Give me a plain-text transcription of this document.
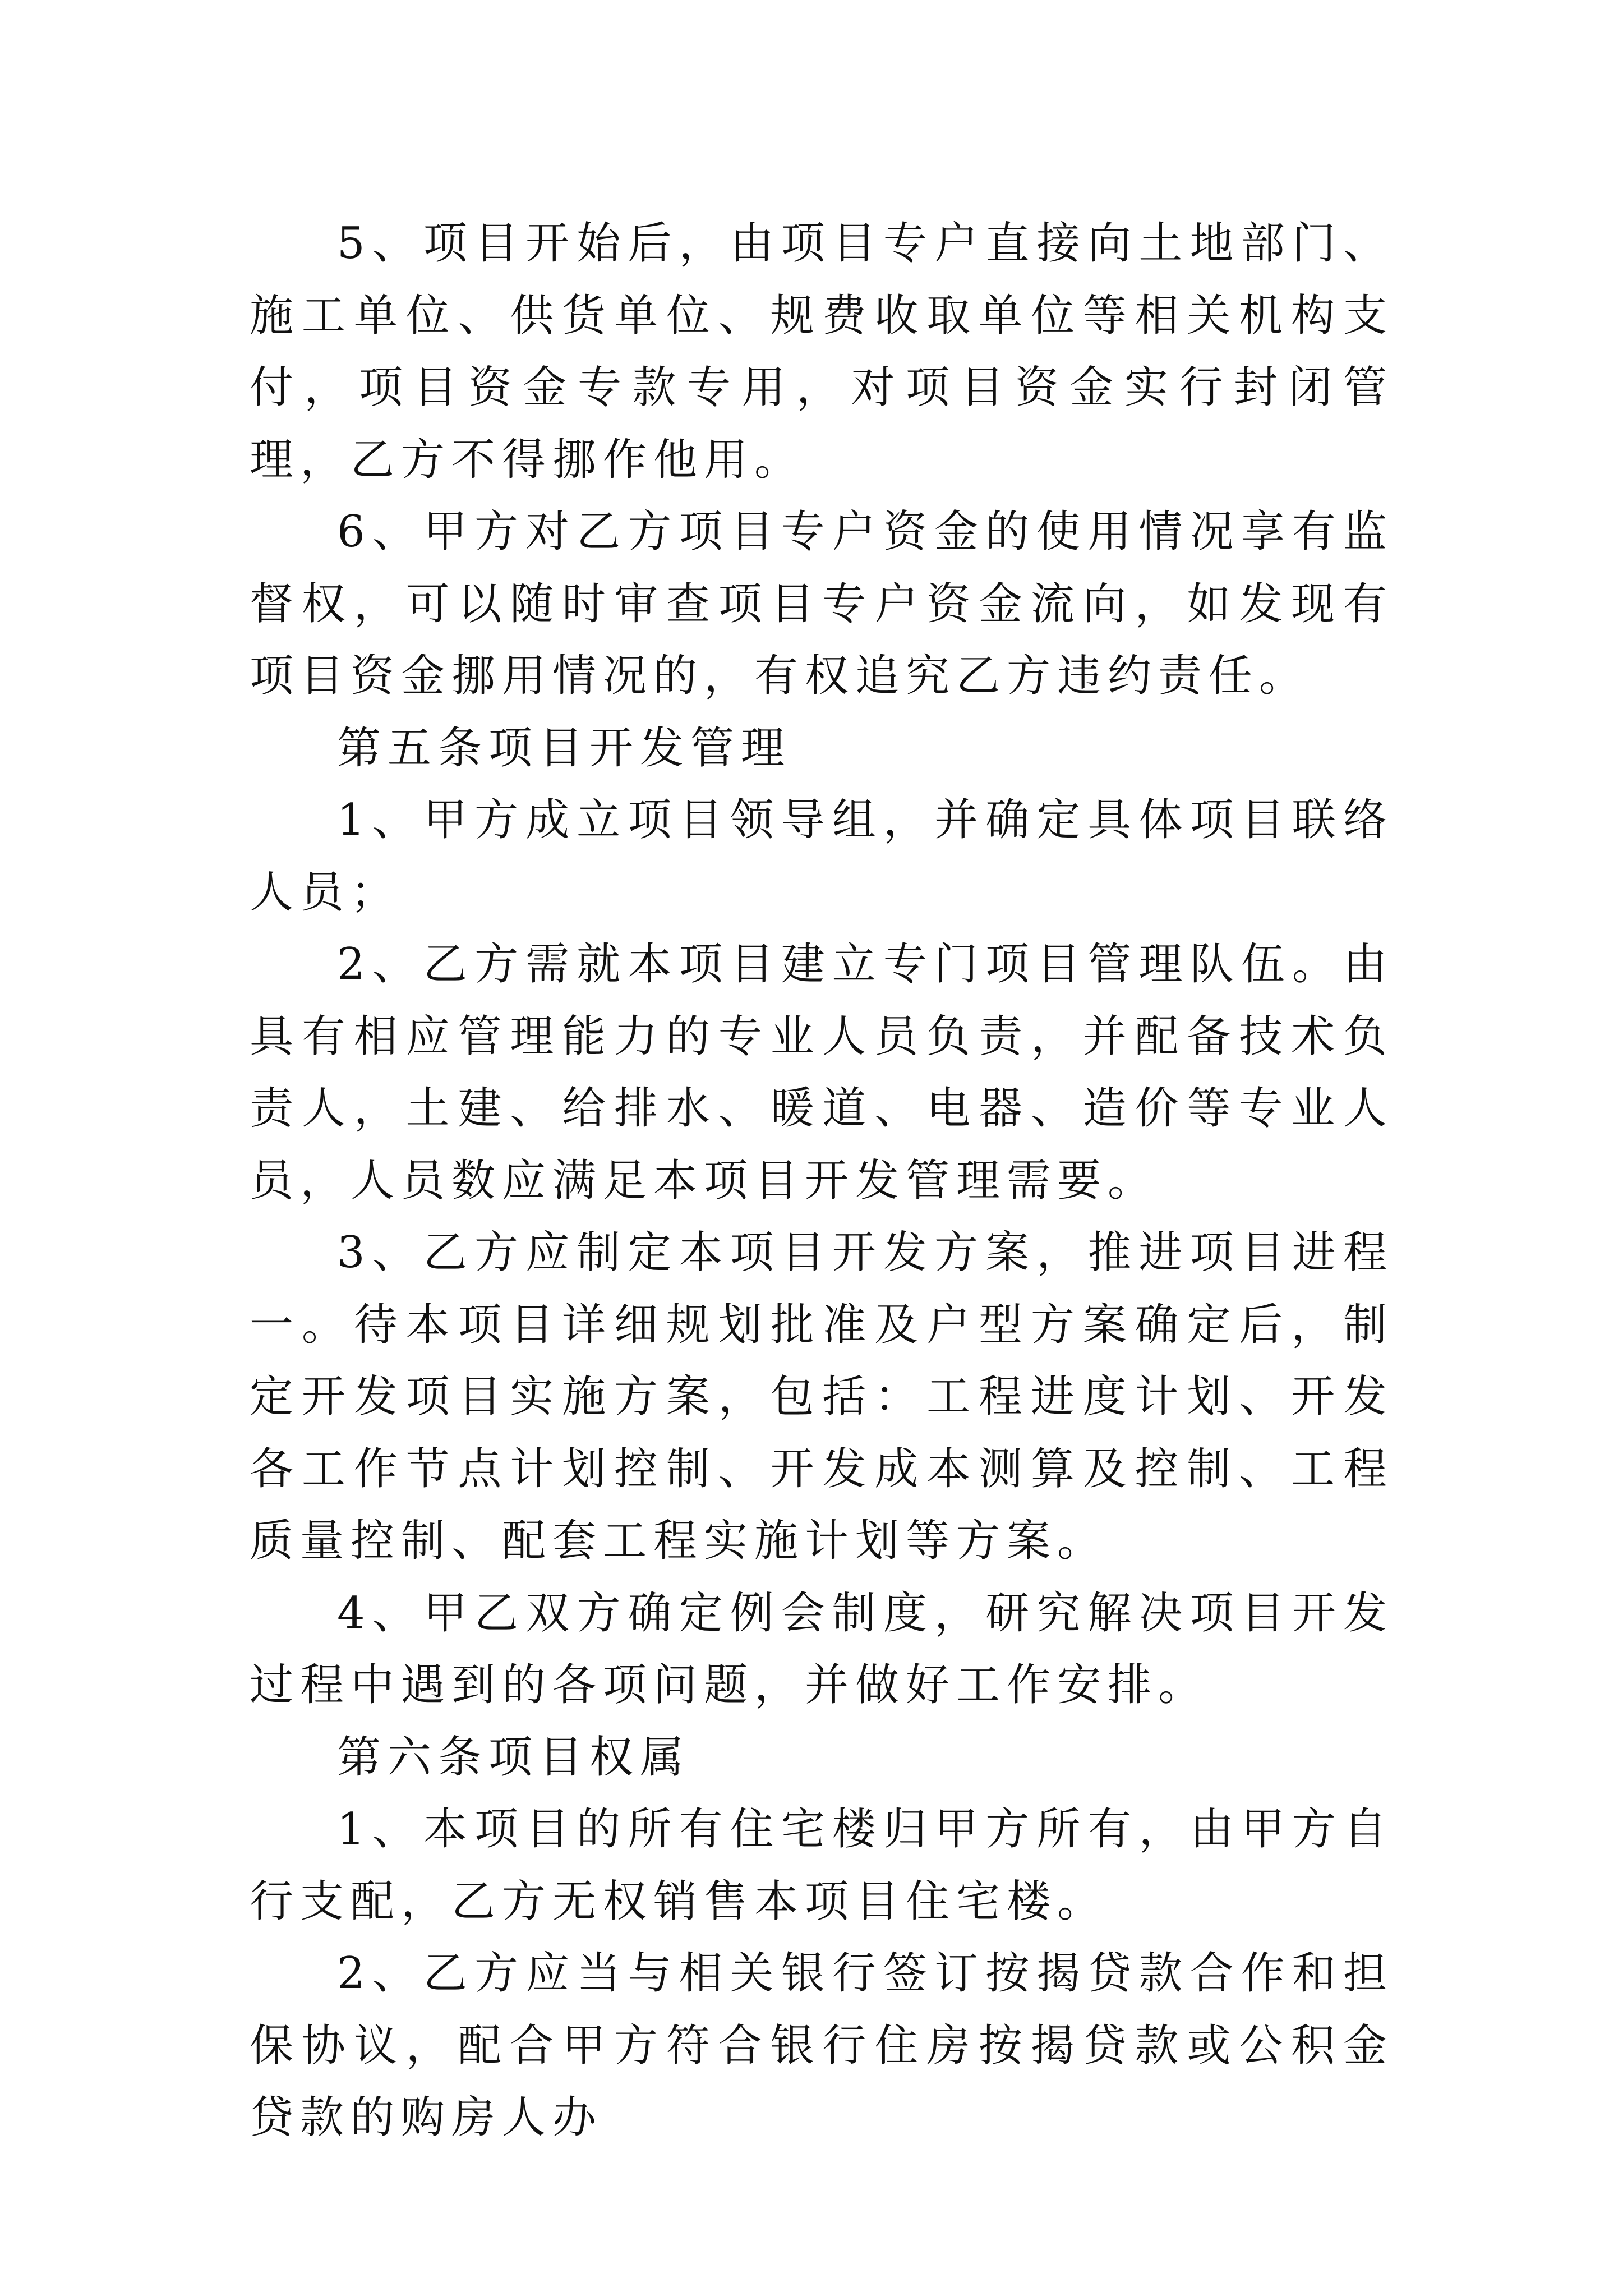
5、项目开始后，由项目专户直接向土地部门、施工单位、供货单位、规费收取单位等相关机构支付，项目资金专款专用，对项目资金实行封闭管理，乙方不得挪作他用。

6、甲方对乙方项目专户资金的使用情况享有监督权，可以随时审查项目专户资金流向，如发现有项目资金挪用情况的，有权追究乙方违约责任。

第五条项目开发管理

1、甲方成立项目领导组，并确定具体项目联络人员；

2、乙方需就本项目建立专门项目管理队伍。由具有相应管理能力的专业人员负责，并配备技术负责人，土建、给排水、暖道、电器、造价等专业人员，人员数应满足本项目开发管理需要。

3、乙方应制定本项目开发方案，推进项目进程一。待本项目详细规划批准及户型方案确定后，制定开发项目实施方案，包括：工程进度计划、开发各工作节点计划控制、开发成本测算及控制、工程质量控制、配套工程实施计划等方案。

4、甲乙双方确定例会制度，研究解决项目开发过程中遇到的各项问题，并做好工作安排。

第六条项目权属

1、本项目的所有住宅楼归甲方所有，由甲方自行支配，乙方无权销售本项目住宅楼。

2、乙方应当与相关银行签订按揭贷款合作和担保协议，配合甲方符合银行住房按揭贷款或公积金贷款的购房人办
